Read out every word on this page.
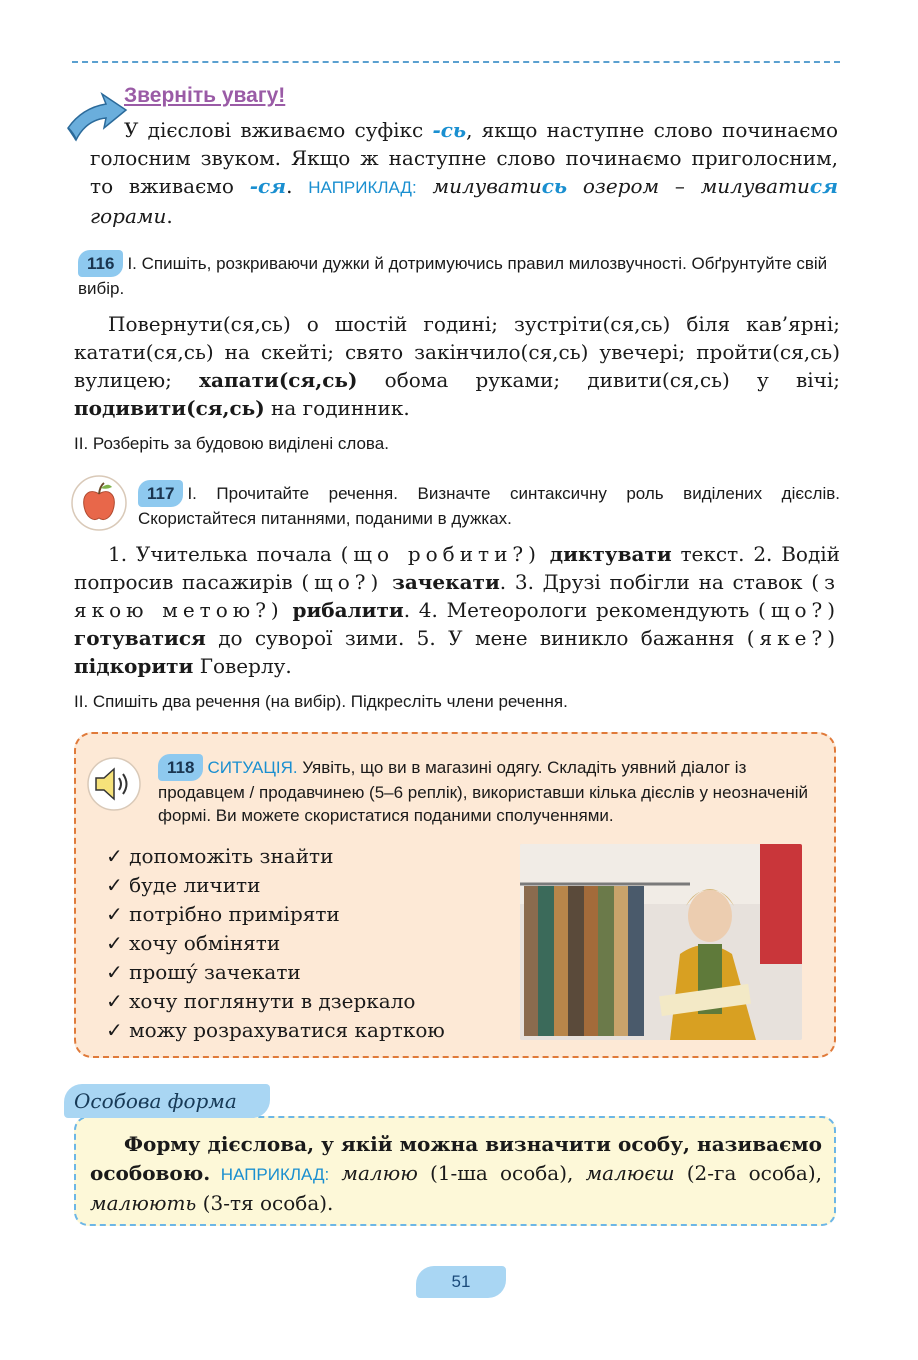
Зверніть увагу!
У дієслові вживаємо суфікс -сь, якщо наступне слово починаємо голосним звуком. Якщо ж наступне слово починаємо приголосним, то вживаємо -ся. НАПРИКЛАД: милуватись озером – милуватися горами.
116 І. Спишіть, розкриваючи дужки й дотримуючись правил милозвучності. Обґрунтуйте свій вибір.
Повернути(ся,сь) о шостій годині; зустріти(ся,сь) біля кав’ярні; катати(ся,сь) на скейті; свято закінчило(ся,сь) увечері; пройти(ся,сь) вулицею; хапати(ся,сь) обома руками; дивити(ся,сь) у вічі; подивити(ся,сь) на годинник.
ІІ. Розберіть за будовою виділені слова.
117 І. Прочитайте речення. Визначте синтаксичну роль виділених дієслів. Скористайтеся питаннями, поданими в дужках.
1. Учителька почала (що робити?) диктувати текст. 2. Водій попросив пасажирів (що?) зачекати. 3. Друзі побігли на ставок (з якою метою?) рибалити. 4. Метеорологи рекомендують (що?) готуватися до суворої зими. 5. У мене виникло бажання (яке?) підкорити Говерлу.
ІІ. Спишіть два речення (на вибір). Підкресліть члени речення.
118 СИТУАЦІЯ. Уявіть, що ви в магазині одягу. Складіть уявний діалог із продавцем / продавчинею (5–6 реплік), використавши кілька дієслів у неозначеній формі. Ви можете скористатися поданими сполученнями.
✓ допоможіть знайти
✓ буде личити
✓ потрібно приміряти
✓ хочу обміняти
✓ прошу́ зачекати
✓ хочу поглянути в дзеркало
✓ можу розрахуватися карткою
Особова форма
Форму дієслова, у якій можна визначити особу, називаємо особовою. НАПРИКЛАД: малюю (1-ша особа), малюєш (2-га особа), малюють (3-тя особа).
51
